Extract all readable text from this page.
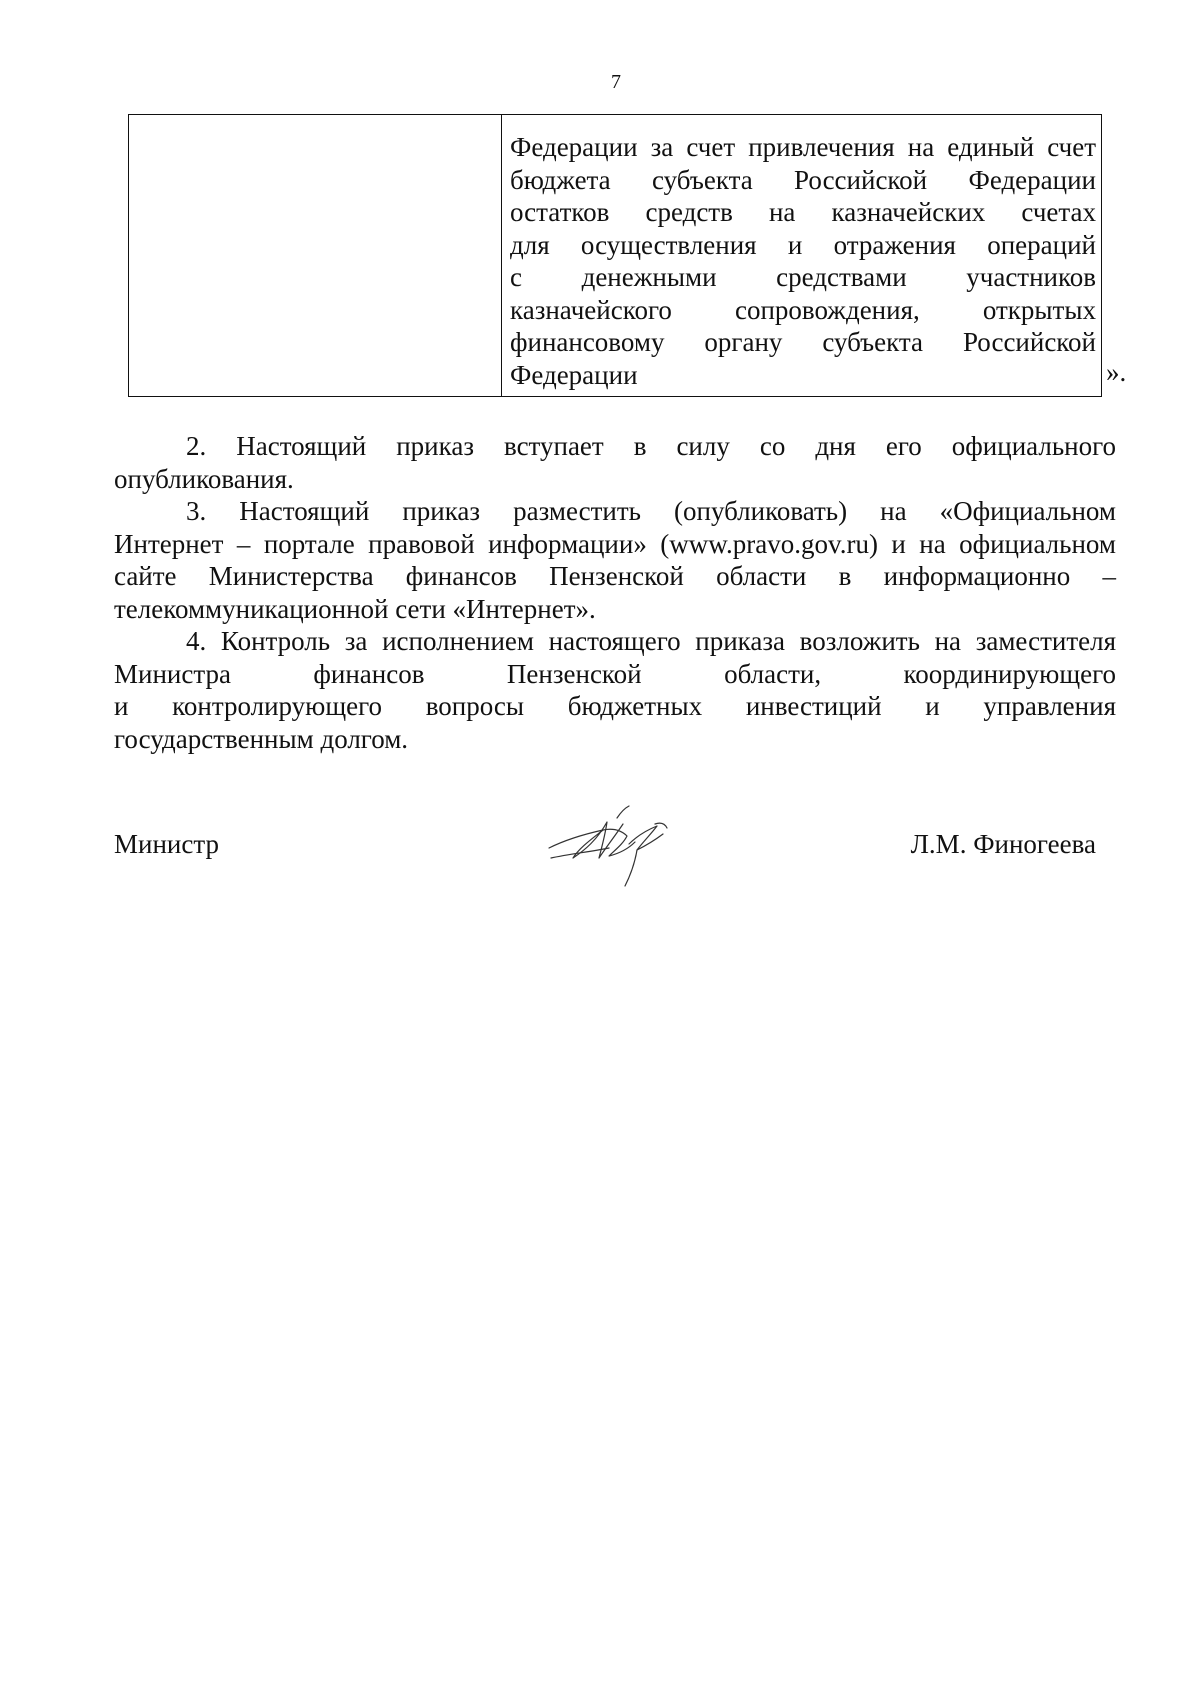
7
Федерации за счет привлечения на единый счет
бюджета субъекта Российской Федерации
остатков средств на казначейских счетах
для осуществления и отражения операций
с денежными средствами участников
казначейского сопровождения, открытых
финансовому органу субъекта Российской
Федерации	».
2. Настоящий приказ вступает в силу со дня его официального
опубликования.
3. Настоящий приказ разместить (опубликовать) на «Официальном
Интернет – портале правовой информации» (www.pravo.gov.ru) и на официальном
сайте Министерства финансов Пензенской области в информационно –
телекоммуникационной сети «Интернет».
4. Контроль за исполнением настоящего приказа возложить на заместителя
Министра финансов Пензенской области, координирующего
и контролирующего вопросы бюджетных инвестиций и управления
государственным долгом.
Министр	Л.М. Финогеева
